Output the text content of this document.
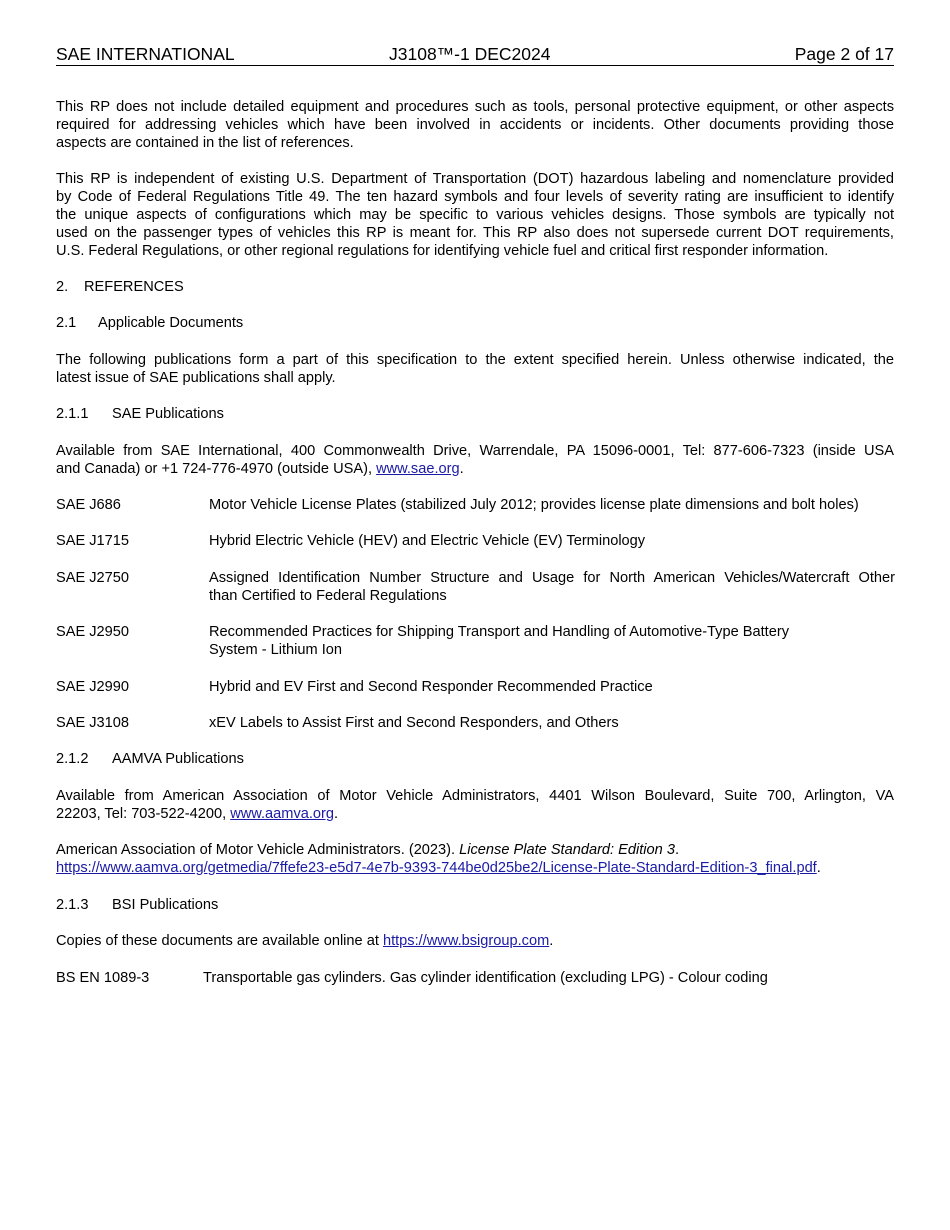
SAE INTERNATIONAL	J3108™-1 DEC2024	Page 2 of 17
This RP does not include detailed equipment and procedures such as tools, personal protective equipment, or other aspects
required for addressing vehicles which have been involved in accidents or incidents. Other documents providing those
aspects are contained in the list of references.
This RP is independent of existing U.S. Department of Transportation (DOT) hazardous labeling and nomenclature provided
by Code of Federal Regulations Title 49. The ten hazard symbols and four levels of severity rating are insufficient to identify
the unique aspects of configurations which may be specific to various vehicles designs. Those symbols are typically not
used on the passenger types of vehicles this RP is meant for. This RP also does not supersede current DOT requirements,
U.S. Federal Regulations, or other regional regulations for identifying vehicle fuel and critical first responder information.
2. REFERENCES
2.1 Applicable Documents
The following publications form a part of this specification to the extent specified herein. Unless otherwise indicated, the
latest issue of SAE publications shall apply.
2.1.1 SAE Publications
Available from SAE International, 400 Commonwealth Drive, Warrendale, PA 15096-0001, Tel: 877-606-7323 (inside USA
and Canada) or +1 724-776-4970 (outside USA), www.sae.org.
SAE J686	Motor Vehicle License Plates (stabilized July 2012; provides license plate dimensions and bolt holes)
SAE J1715	Hybrid Electric Vehicle (HEV) and Electric Vehicle (EV) Terminology
SAE J2750	Assigned Identification Number Structure and Usage for North American Vehicles/Watercraft Other
than Certified to Federal Regulations
SAE J2950	Recommended Practices for Shipping Transport and Handling of Automotive-Type Battery
System - Lithium Ion
SAE J2990	Hybrid and EV First and Second Responder Recommended Practice
SAE J3108	xEV Labels to Assist First and Second Responders, and Others
2.1.2 AAMVA Publications
Available from American Association of Motor Vehicle Administrators, 4401 Wilson Boulevard, Suite 700, Arlington, VA
22203, Tel: 703-522-4200, www.aamva.org.
American Association of Motor Vehicle Administrators. (2023). License Plate Standard: Edition 3.
https://www.aamva.org/getmedia/7ffefe23-e5d7-4e7b-9393-744be0d25be2/License-Plate-Standard-Edition-3_final.pdf.
2.1.3 BSI Publications
Copies of these documents are available online at https://www.bsigroup.com.
BS EN 1089-3	Transportable gas cylinders. Gas cylinder identification (excluding LPG) - Colour coding
